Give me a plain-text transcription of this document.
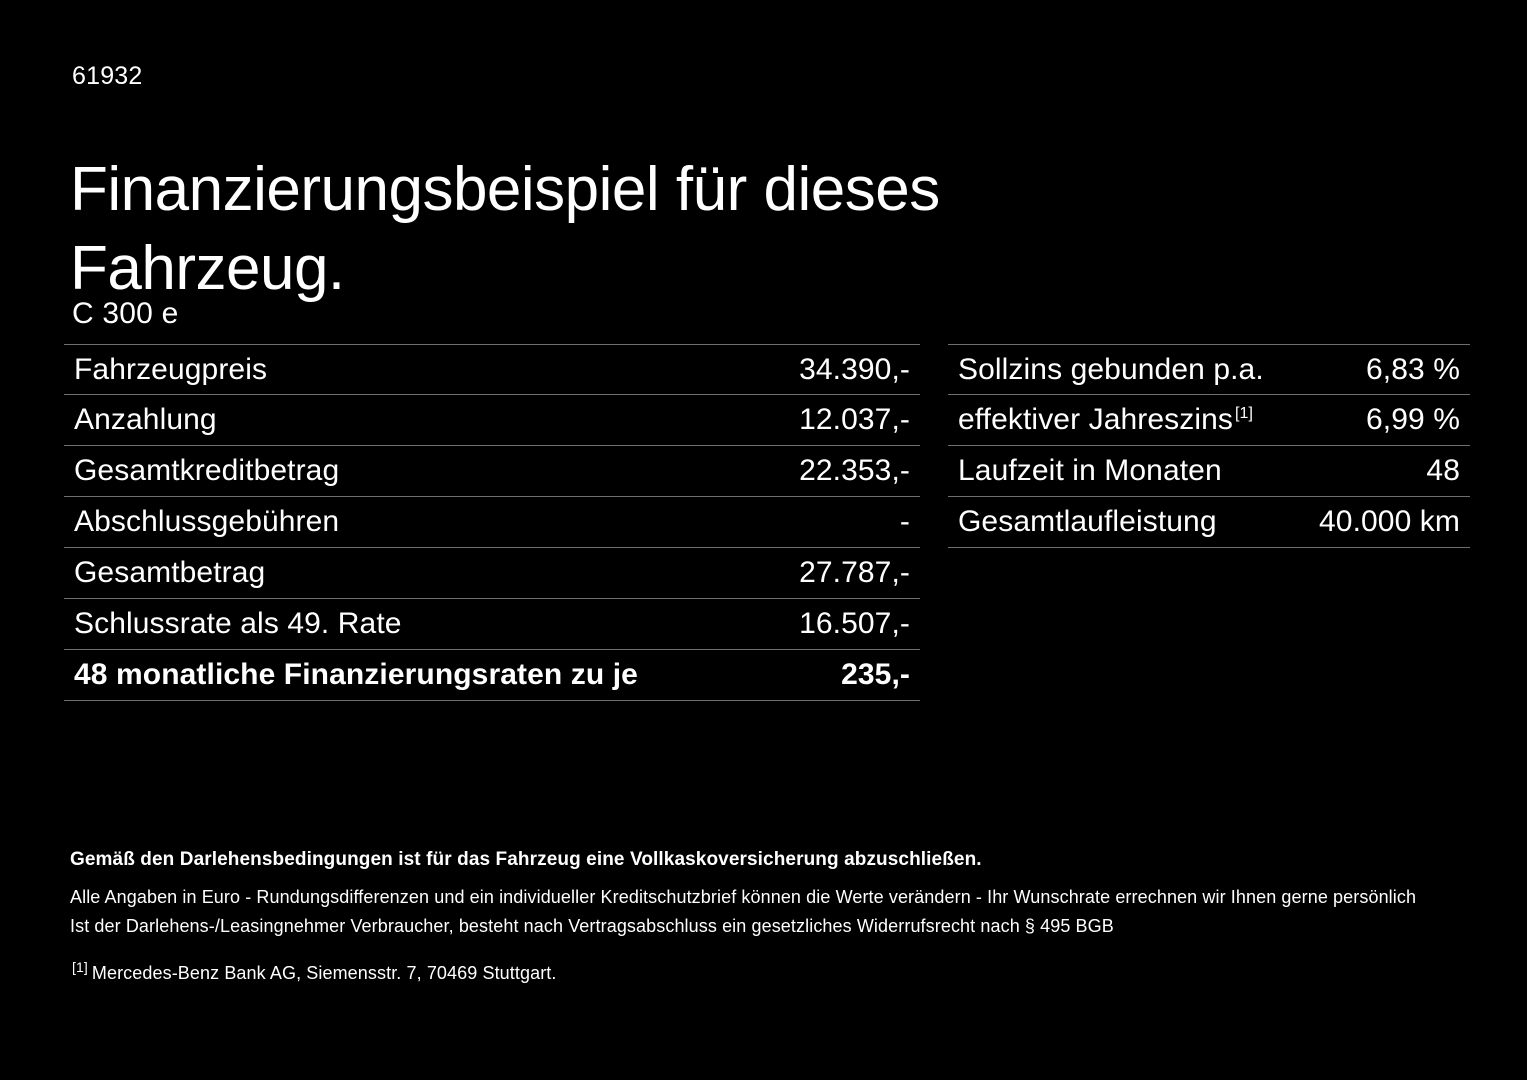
61932
Finanzierungsbeispiel für dieses Fahrzeug.
C 300 e
Fahrzeugpreis	34.390,-
Anzahlung	12.037,-
Gesamtkreditbetrag	22.353,-
Abschlussgebühren	-
Gesamtbetrag	27.787,-
Schlussrate als 49. Rate	16.507,-
48 monatliche Finanzierungsraten zu je	235,-
Sollzins gebunden p.a.	6,83 %
effektiver Jahreszins [1]	6,99 %
Laufzeit in Monaten	48
Gesamtlaufleistung	40.000 km
Gemäß den Darlehensbedingungen ist für das Fahrzeug eine Vollkaskoversicherung abzuschließen.
Alle Angaben in Euro - Rundungsdifferenzen und ein individueller Kreditschutzbrief können die Werte verändern - Ihr Wunschrate errechnen wir Ihnen gerne persönlich
Ist der Darlehens-/Leasingnehmer Verbraucher, besteht nach Vertragsabschluss ein gesetzliches Widerrufsrecht nach § 495 BGB
[1] Mercedes-Benz Bank AG, Siemensstr. 7, 70469 Stuttgart.
